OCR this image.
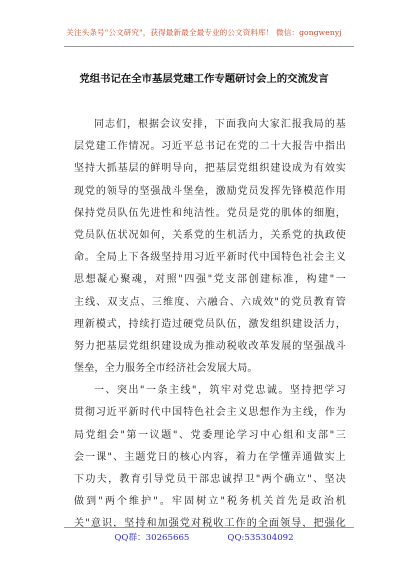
关注头条号"公文研究"，获得最新最全最专业的公文资料库！ 微信：gongwenyj
党组书记在全市基层党建工作专题研讨会上的交流发言
同志们，根据会议安排，下面我向大家汇报我局的基
层党建工作情况。习近平总书记在党的二十大报告中指出
坚持大抓基层的鲜明导向，把基层党组织建设成为有效实
现党的领导的坚强战斗堡垒，激励党员发挥先锋模范作用
保持党员队伍先进性和纯洁性。党员是党的肌体的细胞，
党员队伍状况如何，关系党的生机活力，关系党的执政使
命。全局上下各级坚持用习近平新时代中国特色社会主义
思想凝心聚魂，对照"四强"党支部创建标准，构建"一
主线、双支点、三维度、六融合、六成效"的党员教育管
理新模式，持续打造过硬党员队伍，激发组织建设活力，
努力把基层党组织建设成为推动税收改革发展的坚强战斗
堡垒，全力服务全市经济社会发展大局。
一、突出"一条主线"，筑牢对党忠诚。坚持把学习
贯彻习近平新时代中国特色社会主义思想作为主线，作为
局党组会"第一议题"、党委理论学习中心组和支部"三
会一课"、主题党日的核心内容，着力在学懂弄通做实上
下功夫，教育引导党员干部忠诚捍卫"两个确立"、坚决
做到"两个维护"。牢固树立"税务机关首先是政治机
关"意识，坚持和加强党对税收工作的全面领导，把强化
QQ群：30265665	QQ:535304092
